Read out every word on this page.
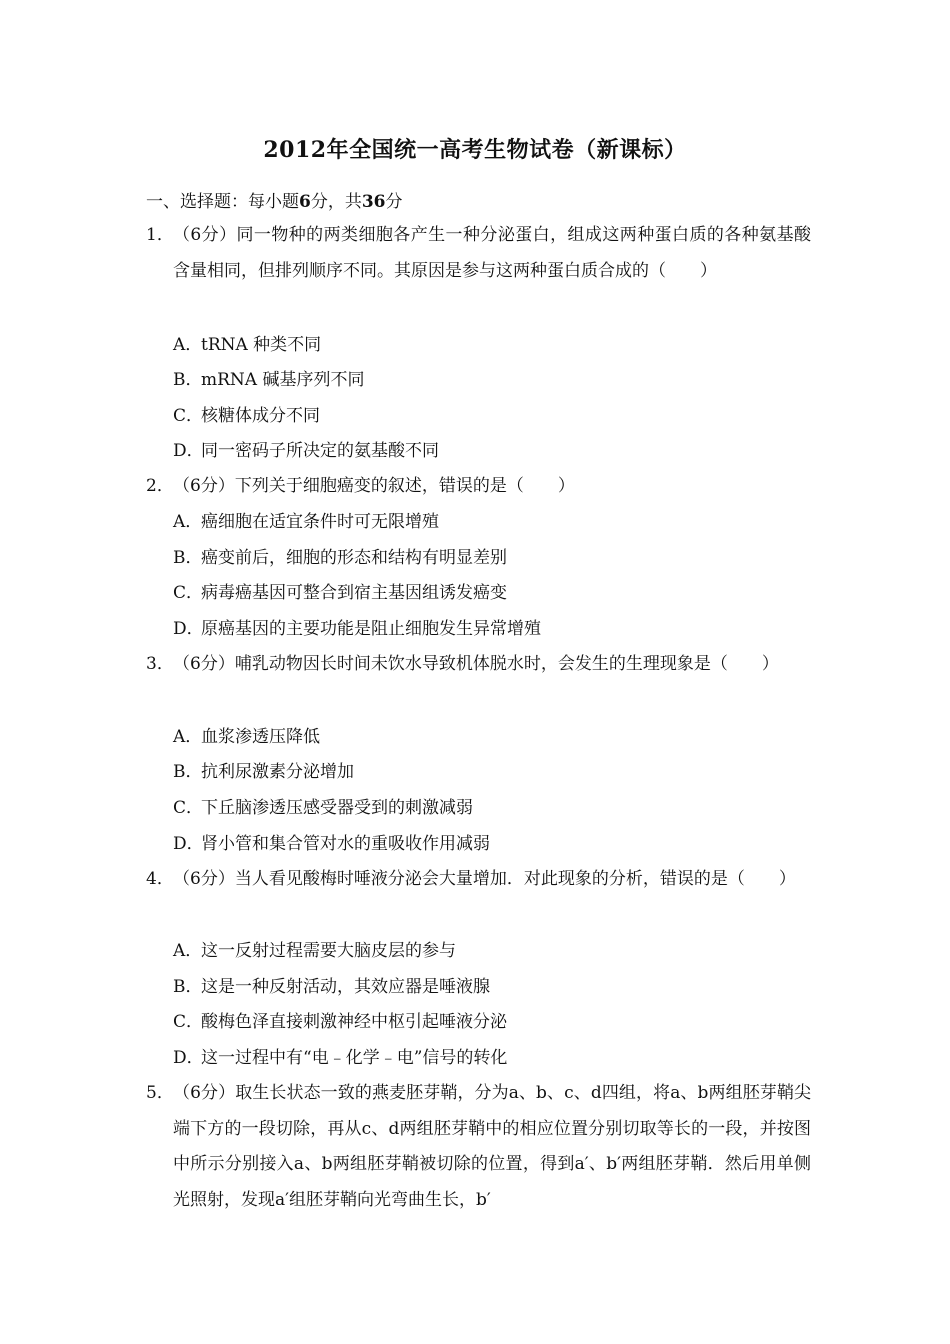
2012年全国统一高考生物试卷（新课标）
一、选择题：每小题6分，共36分
1． （6分）同一物种的两类细胞各产生一种分泌蛋白，组成这两种蛋白质的各种氨基酸含量相同，但排列顺序不同。其原因是参与这两种蛋白质合成的（　　）
A．tRNA 种类不同
B．mRNA 碱基序列不同
C．核糖体成分不同
D．同一密码子所决定的氨基酸不同
2． （6分）下列关于细胞癌变的叙述，错误的是（　　）
A．癌细胞在适宜条件时可无限增殖
B．癌变前后，细胞的形态和结构有明显差别
C．病毒癌基因可整合到宿主基因组诱发癌变
D．原癌基因的主要功能是阻止细胞发生异常增殖
3． （6分）哺乳动物因长时间未饮水导致机体脱水时，会发生的生理现象是（　　）
A．血浆渗透压降低
B．抗利尿激素分泌增加
C．下丘脑渗透压感受器受到的刺激减弱
D．肾小管和集合管对水的重吸收作用减弱
4． （6分）当人看见酸梅时唾液分泌会大量增加．对此现象的分析，错误的是（　　）
A．这一反射过程需要大脑皮层的参与
B．这是一种反射活动，其效应器是唾液腺
C．酸梅色泽直接刺激神经中枢引起唾液分泌
D．这一过程中有“电﹣化学﹣电”信号的转化
5． （6分）取生长状态一致的燕麦胚芽鞘，分为a、b、c、d四组，将a、b两组胚芽鞘尖端下方的一段切除，再从c、d两组胚芽鞘中的相应位置分别切取等长的一段，并按图中所示分别接入a、b两组胚芽鞘被切除的位置，得到a′、b′两组胚芽鞘．然后用单侧光照射，发现a′组胚芽鞘向光弯曲生长，b′
